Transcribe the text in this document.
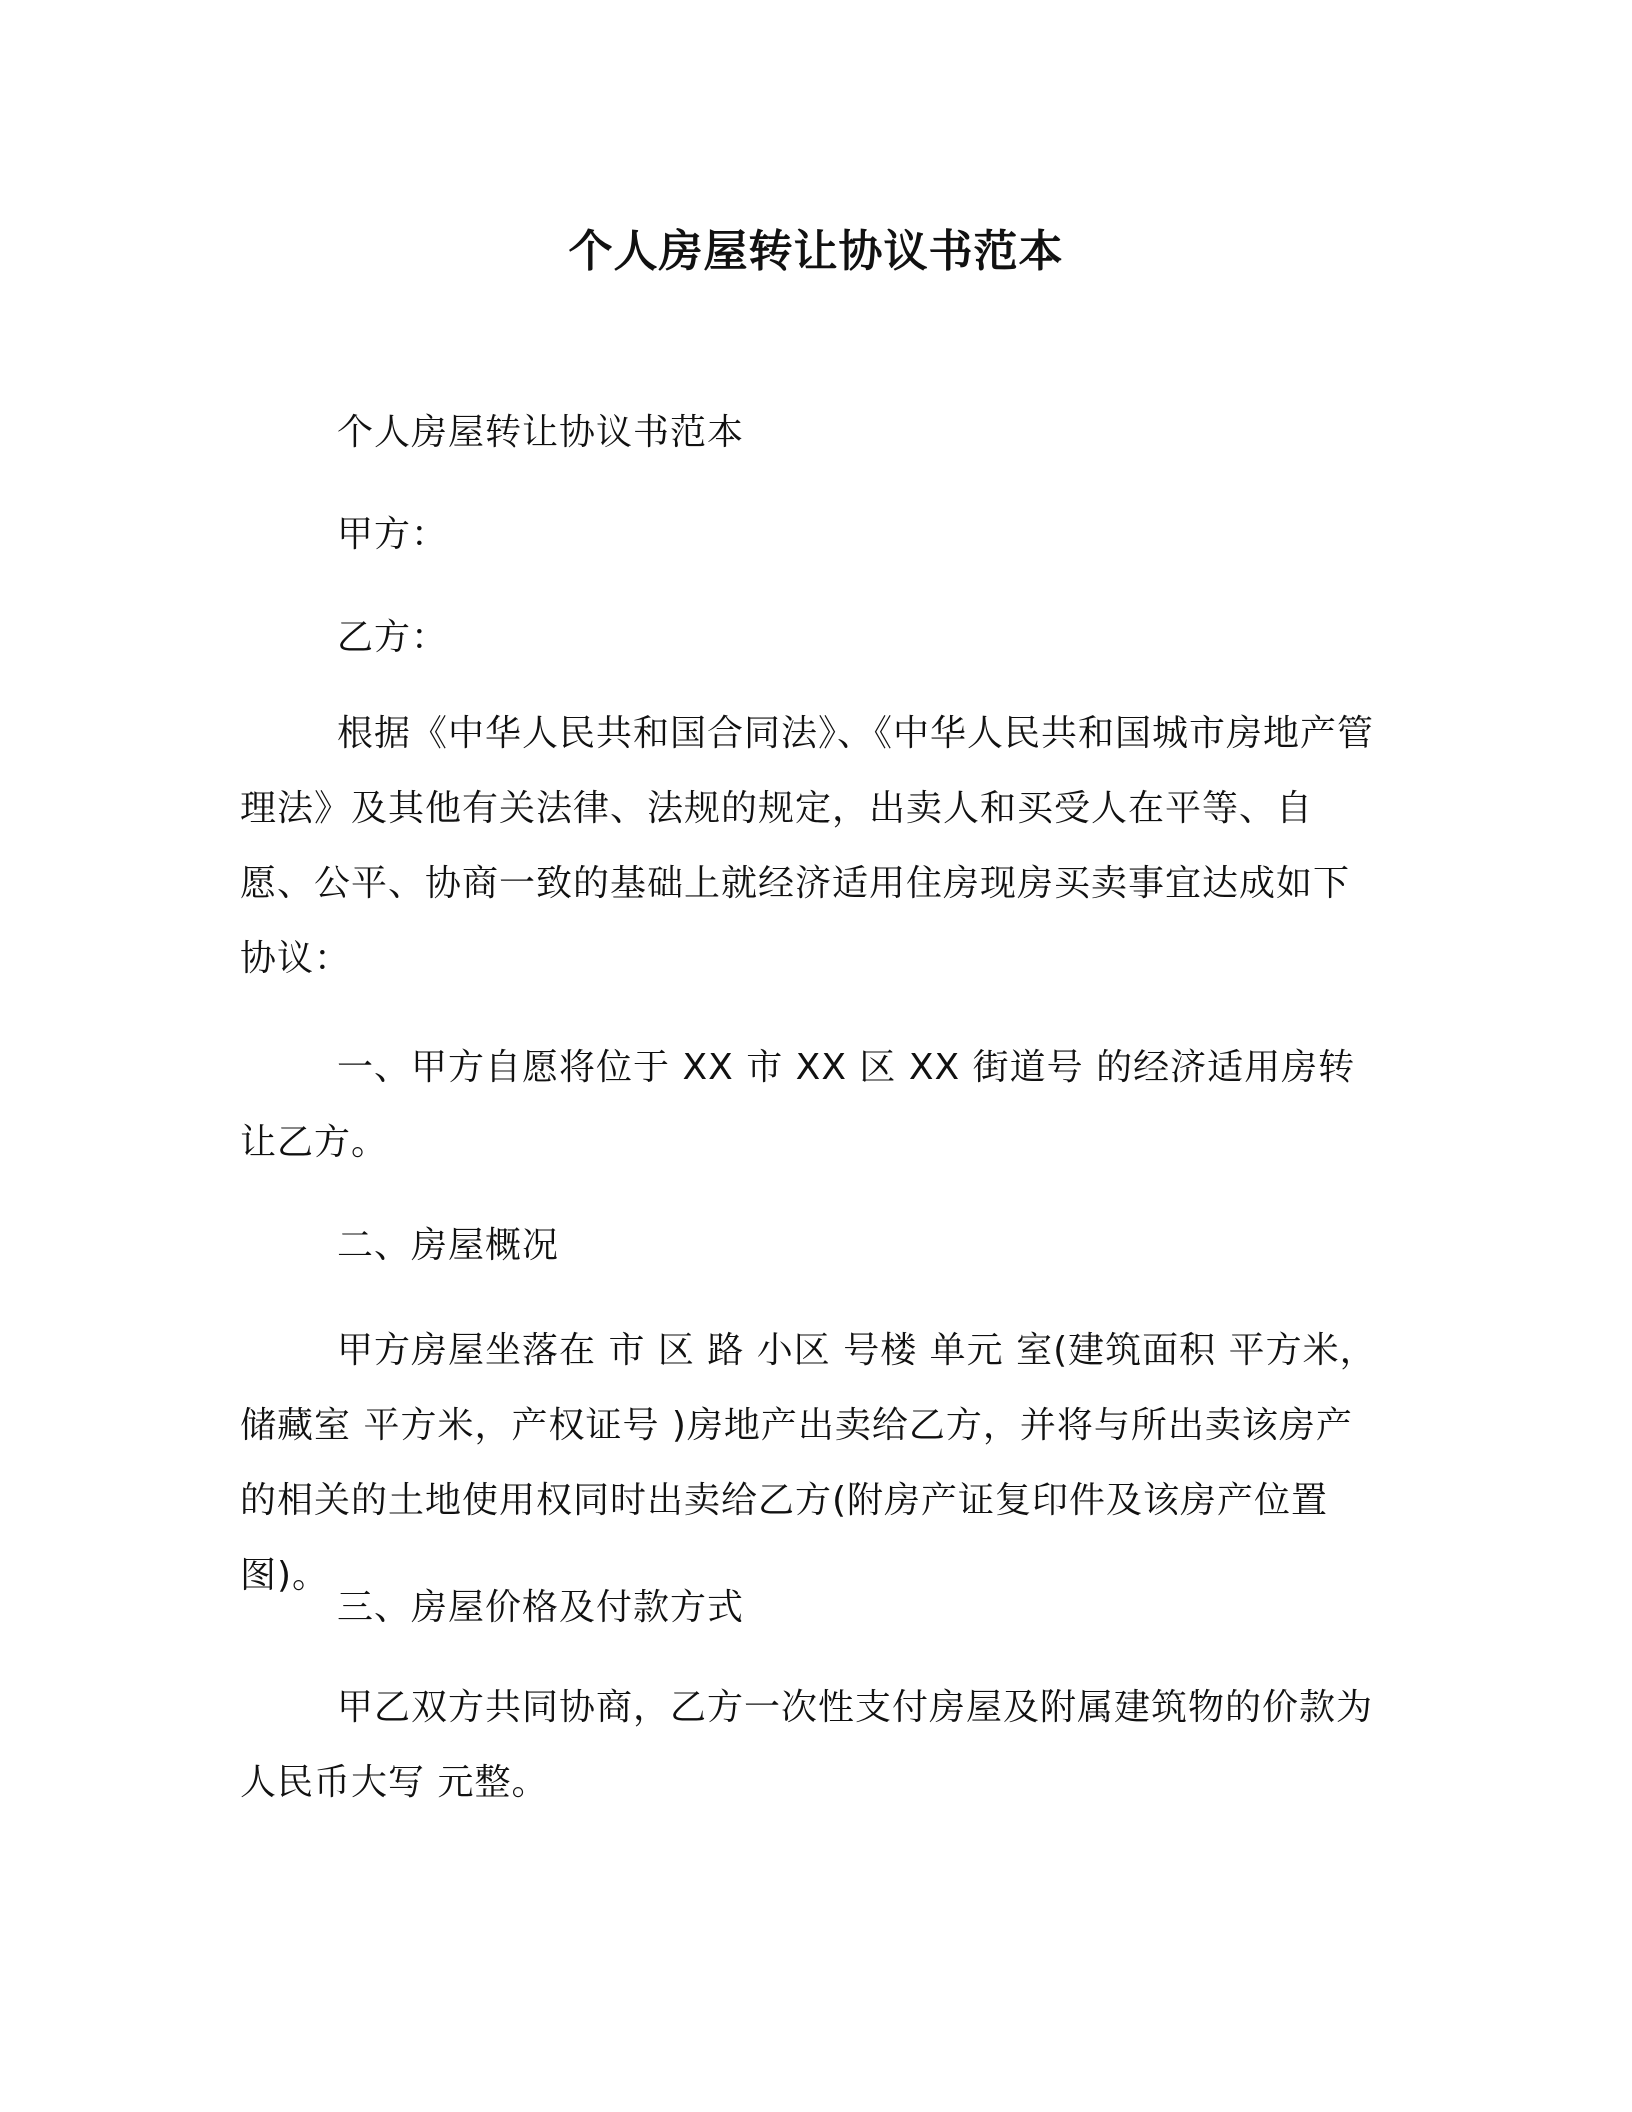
个人房屋转让协议书范本

个人房屋转让协议书范本

甲方：

乙方：

根据《中华人民共和国合同法》、《中华人民共和国城市房地产管理法》及其他有关法律、法规的规定，出卖人和买受人在平等、自愿、公平、协商一致的基础上就经济适用住房现房买卖事宜达成如下协议：

一、甲方自愿将位于 XX 市 XX 区 XX 街道号 的经济适用房转让乙方。

二、房屋概况

甲方房屋坐落在 市 区 路 小区 号楼 单元 室(建筑面积 平方米，储藏室 平方米，产权证号 )房地产出卖给乙方，并将与所出卖该房产的相关的土地使用权同时出卖给乙方(附房产证复印件及该房产位置图)。

三、房屋价格及付款方式

甲乙双方共同协商，乙方一次性支付房屋及附属建筑物的价款为人民币大写 元整。
